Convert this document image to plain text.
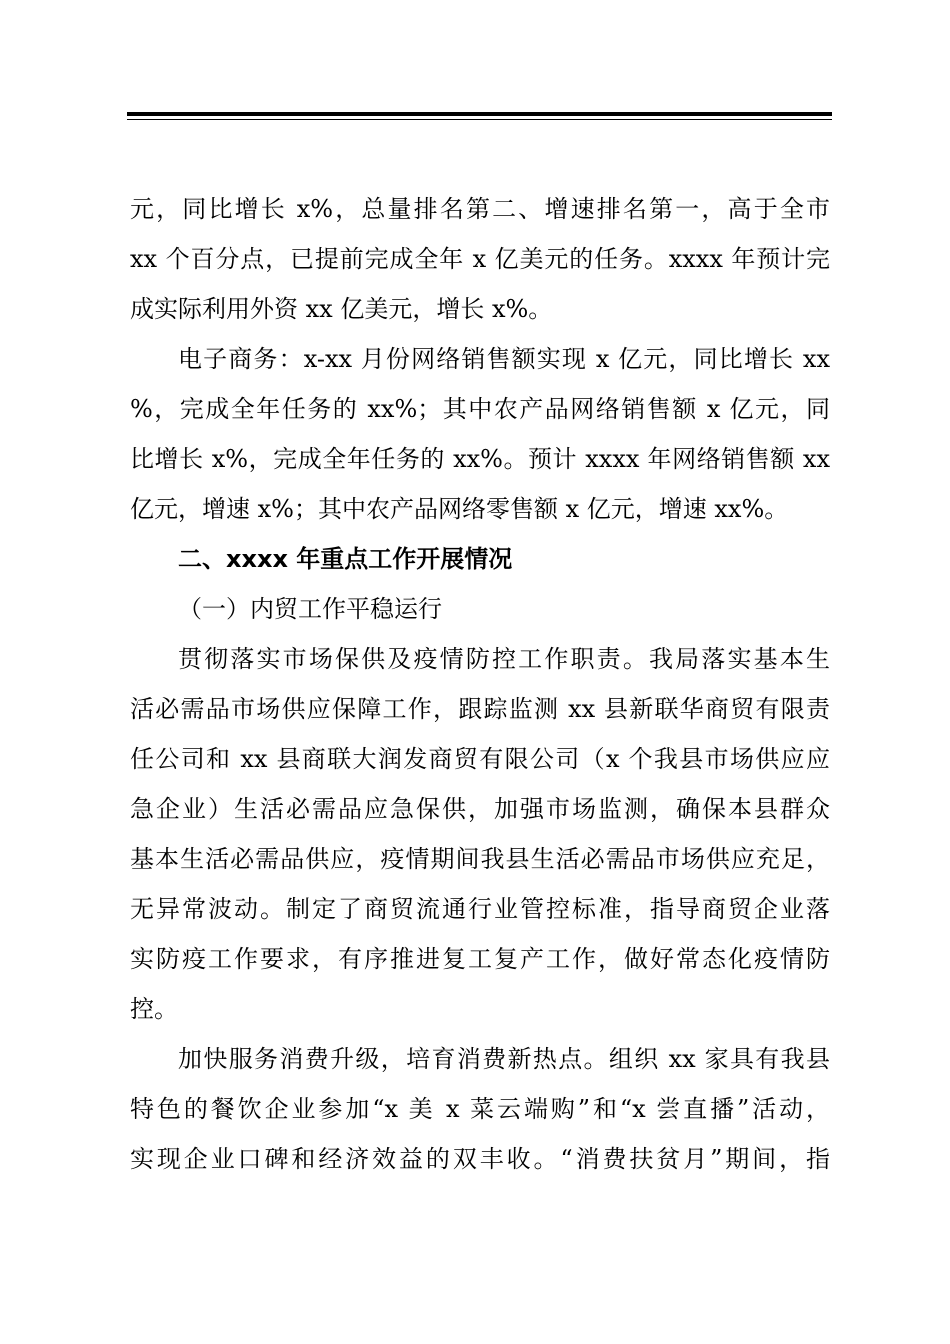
元，同比增长 x%，总量排名第二、增速排名第一，高于全市
xx 个百分点，已提前完成全年 x 亿美元的任务。xxxx 年预计完
成实际利用外资 xx 亿美元，增长 x%。
电子商务：x-xx 月份网络销售额实现 x 亿元，同比增长 xx
%，完成全年任务的 xx%；其中农产品网络销售额 x 亿元，同
比增长 x%，完成全年任务的 xx%。预计 xxxx 年网络销售额 xx
亿元，增速 x%；其中农产品网络零售额 x 亿元，增速 xx%。
二、xxxx 年重点工作开展情况
（一）内贸工作平稳运行
贯彻落实市场保供及疫情防控工作职责。我局落实基本生
活必需品市场供应保障工作，跟踪监测 xx 县新联华商贸有限责
任公司和 xx 县商联大润发商贸有限公司（x 个我县市场供应应
急企业）生活必需品应急保供，加强市场监测，确保本县群众
基本生活必需品供应，疫情期间我县生活必需品市场供应充足，
无异常波动。制定了商贸流通行业管控标准，指导商贸企业落
实防疫工作要求，有序推进复工复产工作，做好常态化疫情防
控。
加快服务消费升级，培育消费新热点。组织 xx 家具有我县
特色的餐饮企业参加“x 美 x 菜云端购”和“x 尝直播”活动，
实现企业口碑和经济效益的双丰收。“消费扶贫月”期间，指
